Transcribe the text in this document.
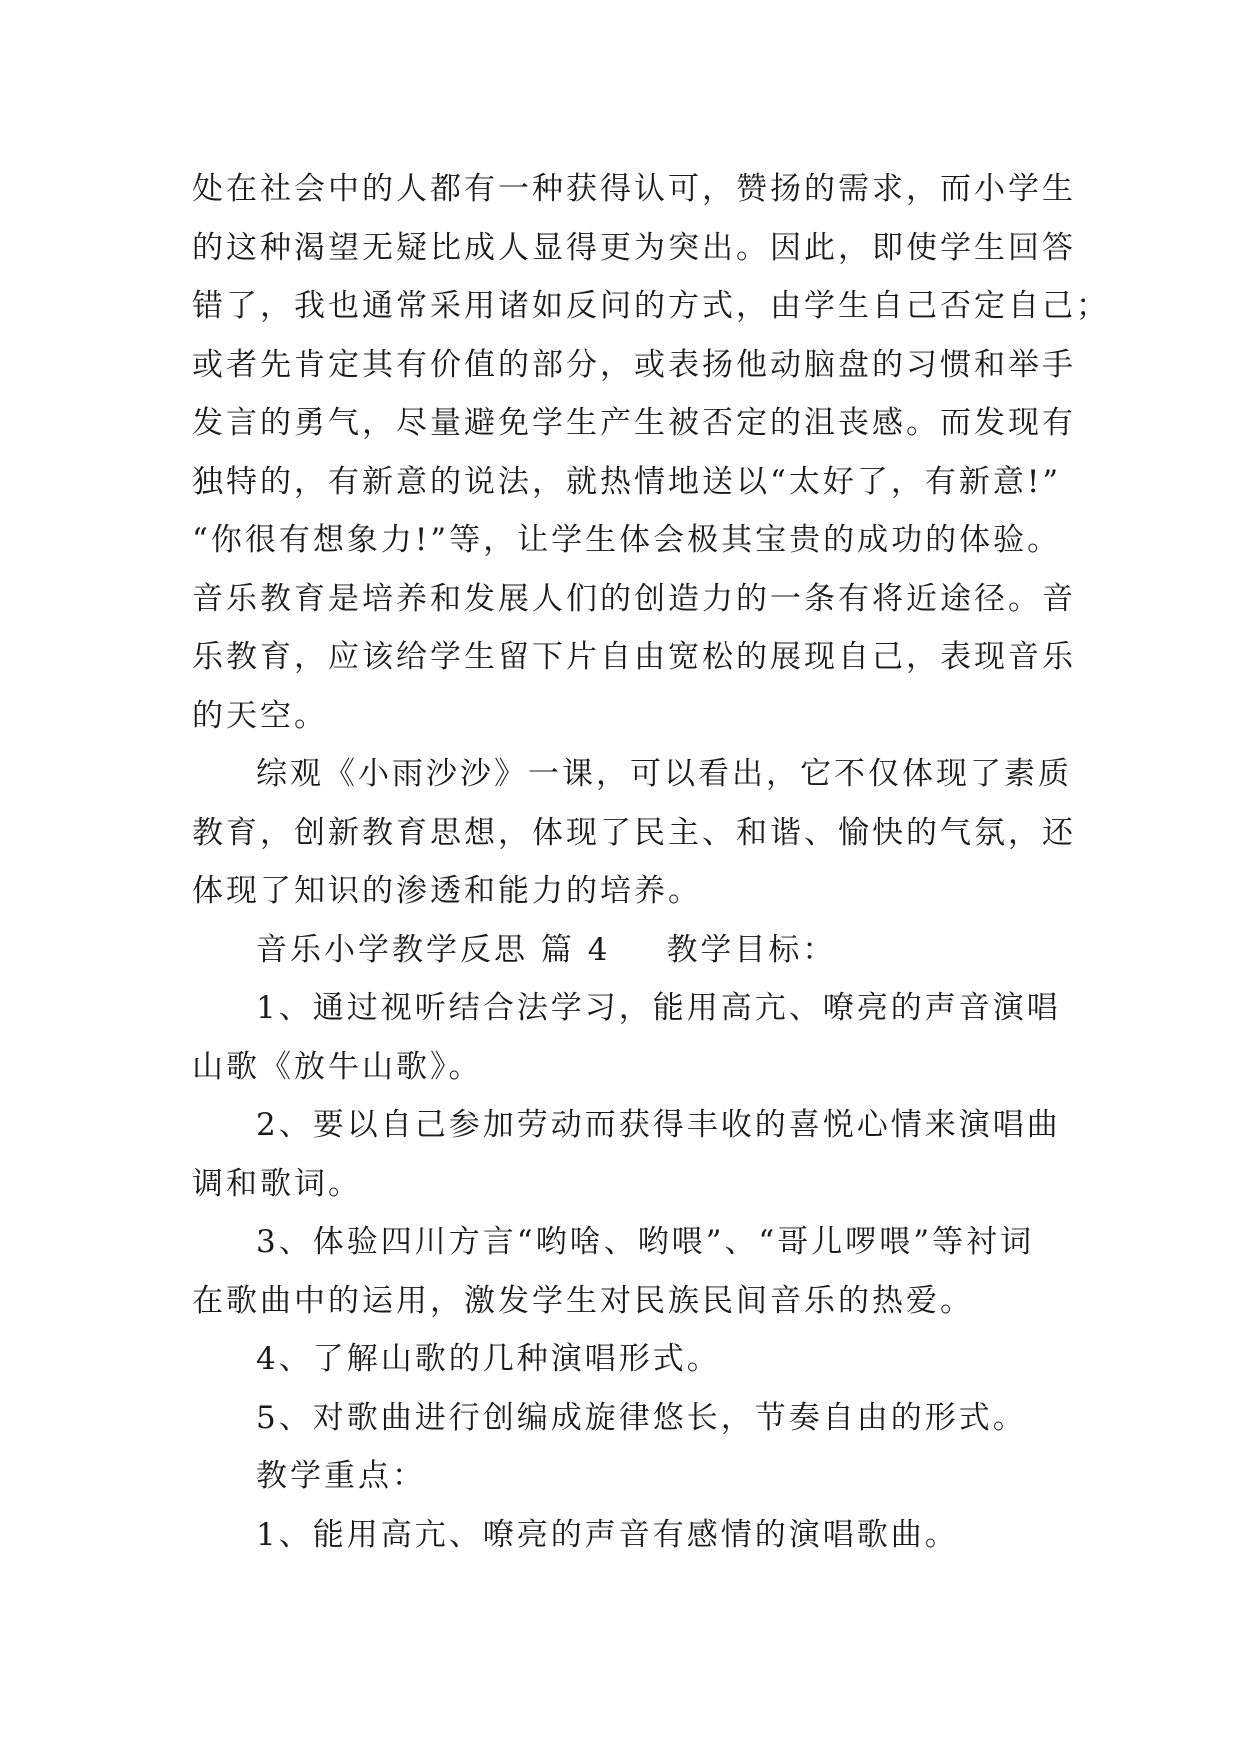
处在社会中的人都有一种获得认可，赞扬的需求，而小学生
的这种渴望无疑比成人显得更为突出。因此，即使学生回答
错了，我也通常采用诸如反问的方式，由学生自己否定自己；
或者先肯定其有价值的部分，或表扬他动脑盘的习惯和举手
发言的勇气，尽量避免学生产生被否定的沮丧感。而发现有
独特的，有新意的说法，就热情地送以“太好了，有新意!”
“你很有想象力!”等，让学生体会极其宝贵的成功的体验。
音乐教育是培养和发展人们的创造力的一条有将近途径。音
乐教育，应该给学生留下片自由宽松的展现自己，表现音乐
的天空。
综观《小雨沙沙》一课，可以看出，它不仅体现了素质
教育，创新教育思想，体现了民主、和谐、愉快的气氛，还
体现了知识的渗透和能力的培养。
音乐小学教学反思 篇 4 教学目标：
1、通过视听结合法学习，能用高亢、嘹亮的声音演唱
山歌《放牛山歌》。
2、要以自己参加劳动而获得丰收的喜悦心情来演唱曲
调和歌词。
3、体验四川方言“哟啥、哟喂”、“哥儿啰喂”等衬词
在歌曲中的运用，激发学生对民族民间音乐的热爱。
4、了解山歌的几种演唱形式。
5、对歌曲进行创编成旋律悠长，节奏自由的形式。
教学重点：
1、能用高亢、嘹亮的声音有感情的演唱歌曲。
